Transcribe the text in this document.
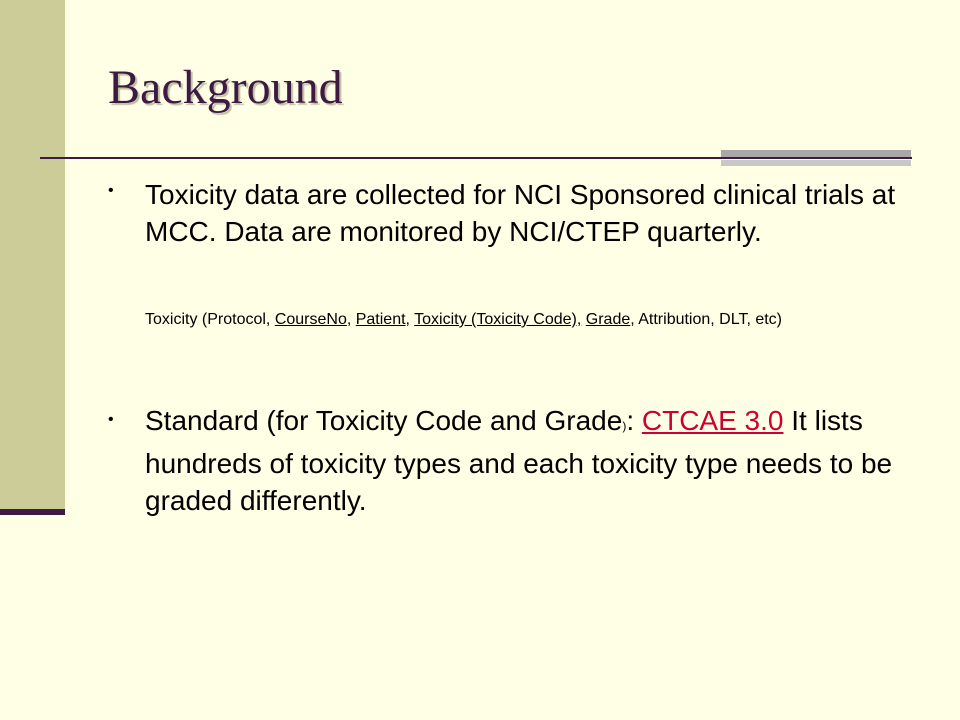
Background
• Toxicity data are collected for NCI Sponsored clinical trials at MCC. Data are monitored by NCI/CTEP quarterly.
Toxicity (Protocol, CourseNo, Patient, Toxicity (Toxicity Code), Grade, Attribution, DLT, etc)
• Standard (for Toxicity Code and Grade): CTCAE 3.0 It lists hundreds of toxicity types and each toxicity type needs to be graded differently.
